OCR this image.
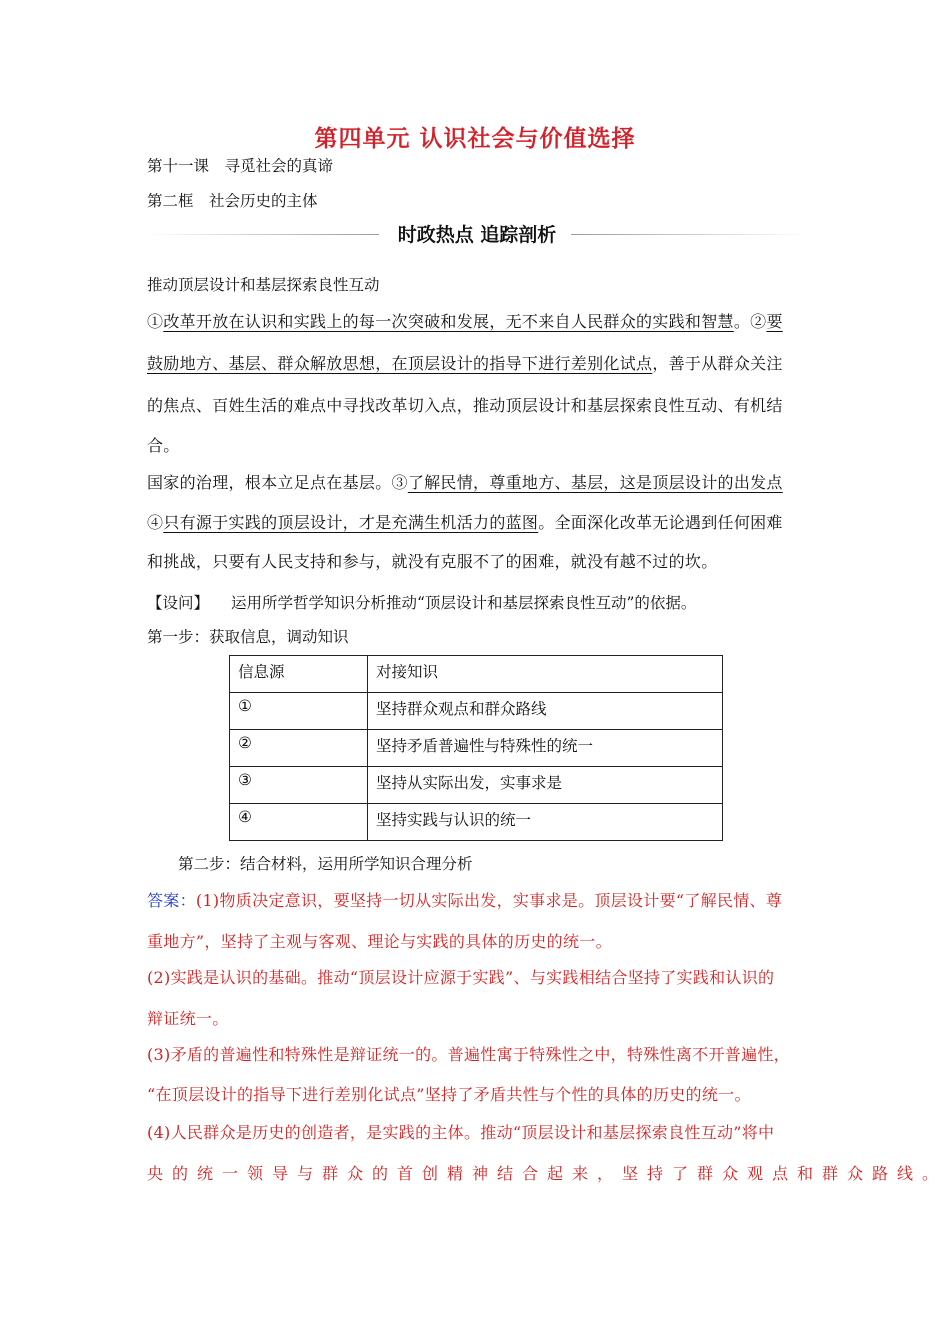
第四单元 认识社会与价值选择
第十一课　寻觅社会的真谛
第二框　社会历史的主体
时政热点 追踪剖析
推动顶层设计和基层探索良性互动
①改革开放在认识和实践上的每一次突破和发展，无不来自人民群众的实践和智慧。②要
鼓励地方、基层、群众解放思想，在顶层设计的指导下进行差别化试点，善于从群众关注
的焦点、百姓生活的难点中寻找改革切入点，推动顶层设计和基层探索良性互动、有机结
合。
国家的治理，根本立足点在基层。③了解民情，尊重地方、基层，这是顶层设计的出发点
④只有源于实践的顶层设计，才是充满生机活力的蓝图。全面深化改革无论遇到任何困难
和挑战，只要有人民支持和参与，就没有克服不了的困难，就没有越不过的坎。
【设问】 运用所学哲学知识分析推动“顶层设计和基层探索良性互动”的依据。
第一步：获取信息，调动知识
信息源	对接知识
①	坚持群众观点和群众路线
②	坚持矛盾普遍性与特殊性的统一
③	坚持从实际出发，实事求是
④	坚持实践与认识的统一
第二步：结合材料，运用所学知识合理分析
答案：(1)物质决定意识，要坚持一切从实际出发，实事求是。顶层设计要“了解民情、尊
重地方”，坚持了主观与客观、理论与实践的具体的历史的统一。
(2)实践是认识的基础。推动“顶层设计应源于实践”、与实践相结合坚持了实践和认识的
辩证统一。
(3)矛盾的普遍性和特殊性是辩证统一的。普遍性寓于特殊性之中，特殊性离不开普遍性，
“在顶层设计的指导下进行差别化试点”坚持了矛盾共性与个性的具体的历史的统一。
(4)人民群众是历史的创造者，是实践的主体。推动“顶层设计和基层探索良性互动”将中
央的统一领导与群众的首创精神结合起来，坚持了群众观点和群众路线。
